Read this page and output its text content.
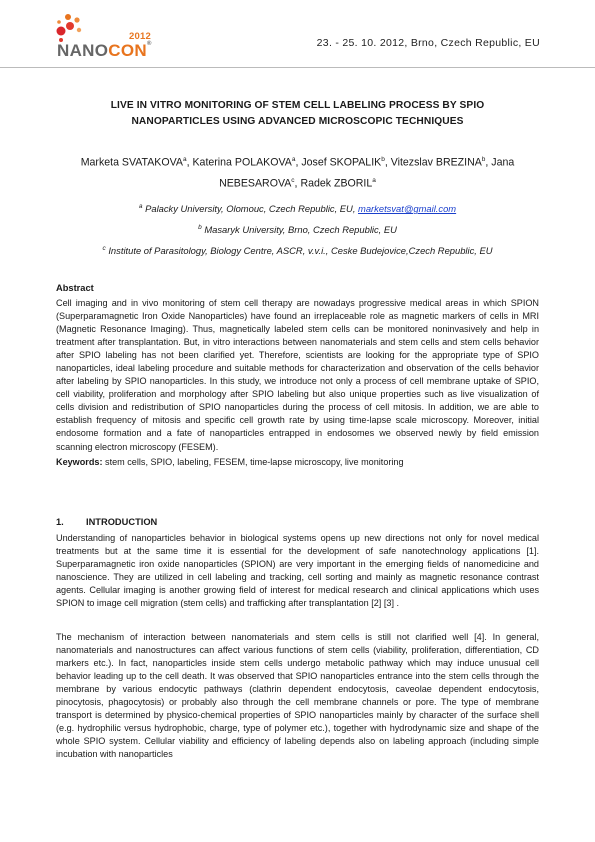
2012
NANOCON®	23. - 25. 10. 2012, Brno, Czech Republic, EU
LIVE IN VITRO MONITORING OF STEM CELL LABELING PROCESS BY SPIO
NANOPARTICLES USING ADVANCED MICROSCOPIC TECHNIQUES
Marketa SVATAKOVA$^a$, Katerina POLAKOVA$^a$, Josef SKOPALIK$^b$, Vitezslav BREZINA$^b$, Jana
NEBESAROVA$^c$, Radek ZBORIL$^a$
$^a$ Palacky University, Olomouc, Czech Republic, EU, marketsvat@gmail.com
$^b$ Masaryk University, Brno, Czech Republic, EU
$^c$ Institute of Parasitology, Biology Centre, ASCR, v.v.i., Ceske Budejovice,Czech Republic, EU
Abstract

Cell imaging and in vivo monitoring of stem cell therapy are nowadays progressive medical areas in which SPION (Superparamagnetic Iron Oxide Nanoparticles) have found an irreplaceable role as magnetic markers of cells in MRI (Magnetic Resonance Imaging). Thus, magnetically labeled stem cells can be monitored noninvasively and help in treatment after transplantation. But, in vitro interactions between nanomaterials and stem cells and stem cells behavior after SPIO labeling has not been clarified yet. Therefore, scientists are looking for the appropriate type of SPIO nanoparticles, ideal labeling procedure and suitable methods for characterization and observation of the cells behavior after labeling by SPIO nanoparticles. In this study, we introduce not only a process of cell membrane uptake of SPIO, cell viability, proliferation and morphology after SPIO labeling but also unique properties such as live visualization of cells division and redistribution of SPIO nanoparticles during the process of cell mitosis. In addition, we are able to establish frequency of mitosis and specific cell growth rate by using time-lapse scale microscopy. Moreover, initial endosome formation and a fate of nanoparticles entrapped in endosomes we observed newly by field emission scanning electron microscopy (FESEM).

Keywords: stem cells, SPIO, labeling, FESEM, time-lapse microscopy, live monitoring
1. INTRODUCTION

Understanding of nanoparticles behavior in biological systems opens up new directions not only for novel medical treatments but at the same time it is essential for the development of safe nanotechnology applications [1]. Superparamagnetic iron oxide nanoparticles (SPION) are very important in the emerging fields of nanomedicine and nanoscience. They are utilized in cell labeling and tracking, cell sorting and mainly as magnetic resonance contrast agents. Cellular imaging is another growing field of interest for medical research and clinical applications which uses SPION to image cell migration (stem cells) and trafficking after transplantation [2] [3] .

The mechanism of interaction between nanomaterials and stem cells is still not clarified well [4]. In general, nanomaterials and nanostructures can affect various functions of stem cells (viability, proliferation, differentiation, CD markers etc.). In fact, nanoparticles inside stem cells undergo metabolic pathway which may induce unusual cell behavior leading up to the cell death. It was observed that SPIO nanoparticles entrance into the stem cells through the membrane by various endocytic pathways (clathrin dependent endocytosis, caveolae dependent endocytosis, pinocytosis, phagocytosis) or probably also through the cell membrane channels or pore. The type of membrane transport is determined by physico-chemical properties of SPIO nanoparticles mainly by character of the surface shell (e.g. hydrophilic versus hydrophobic, charge, type of polymer etc.), together with hydrodynamic size and shape of the whole SPIO system. Cellular viability and efficiency of labeling depends also on labeling approach (including simple incubation with nanoparticles
